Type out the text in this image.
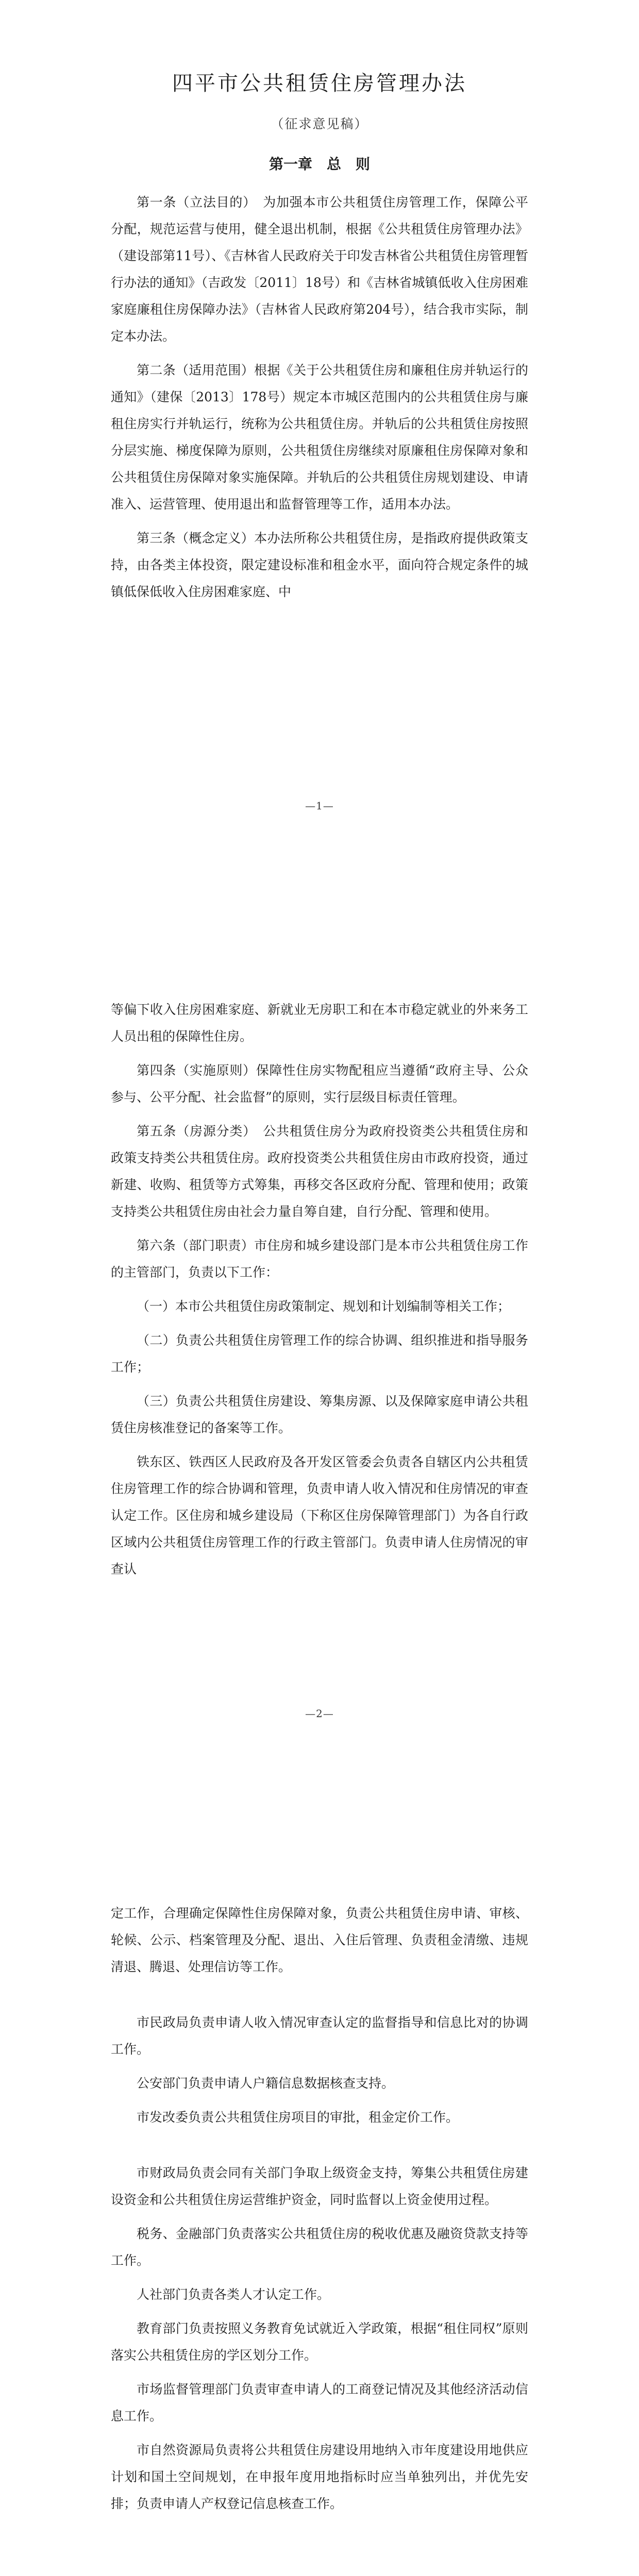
四平市公共租赁住房管理办法
（征求意见稿）
第一章　总　则

第一条（立法目的）　为加强本市公共租赁住房管理工作，保障公平分配，规范运营与使用，健全退出机制，根据《公共租赁住房管理办法》（建设部第11号）、《吉林省人民政府关于印发吉林省公共租赁住房管理暂行办法的通知》（吉政发〔2011〕18号）和《吉林省城镇低收入住房困难家庭廉租住房保障办法》（吉林省人民政府第204号），结合我市实际，制定本办法。

第二条（适用范围）根据《关于公共租赁住房和廉租住房并轨运行的通知》（建保〔2013〕178号）规定本市城区范围内的公共租赁住房与廉租住房实行并轨运行，统称为公共租赁住房。并轨后的公共租赁住房按照分层实施、梯度保障为原则，公共租赁住房继续对原廉租住房保障对象和公共租赁住房保障对象实施保障。并轨后的公共租赁住房规划建设、申请准入、运营管理、使用退出和监督管理等工作，适用本办法。

第三条（概念定义）本办法所称公共租赁住房，是指政府提供政策支持，由各类主体投资，限定建设标准和租金水平，面向符合规定条件的城镇低保低收入住房困难家庭、中

—1—

等偏下收入住房困难家庭、新就业无房职工和在本市稳定就业的外来务工人员出租的保障性住房。

第四条（实施原则）保障性住房实物配租应当遵循“政府主导、公众参与、公平分配、社会监督”的原则，实行层级目标责任管理。

第五条（房源分类）　公共租赁住房分为政府投资类公共租赁住房和政策支持类公共租赁住房。政府投资类公共租赁住房由市政府投资，通过新建、收购、租赁等方式筹集，再移交各区政府分配、管理和使用；政策支持类公共租赁住房由社会力量自筹自建，自行分配、管理和使用。

第六条（部门职责）市住房和城乡建设部门是本市公共租赁住房工作的主管部门，负责以下工作：

（一）本市公共租赁住房政策制定、规划和计划编制等相关工作；

（二）负责公共租赁住房管理工作的综合协调、组织推进和指导服务工作；

（三）负责公共租赁住房建设、筹集房源、以及保障家庭申请公共租赁住房核准登记的备案等工作。

铁东区、铁西区人民政府及各开发区管委会负责各自辖区内公共租赁住房管理工作的综合协调和管理，负责申请人收入情况和住房情况的审查认定工作。区住房和城乡建设局（下称区住房保障管理部门）为各自行政区域内公共租赁住房管理工作的行政主管部门。负责申请人住房情况的审查认

—2—

定工作，合理确定保障性住房保障对象，负责公共租赁住房申请、审核、轮候、公示、档案管理及分配、退出、入住后管理、负责租金清缴、违规清退、腾退、处理信访等工作。

市民政局负责申请人收入情况审查认定的监督指导和信息比对的协调工作。

公安部门负责申请人户籍信息数据核查支持。

市发改委负责公共租赁住房项目的审批，租金定价工作。

市财政局负责会同有关部门争取上级资金支持，筹集公共租赁住房建设资金和公共租赁住房运营维护资金，同时监督以上资金使用过程。

税务、金融部门负责落实公共租赁住房的税收优惠及融资贷款支持等工作。

人社部门负责各类人才认定工作。

教育部门负责按照义务教育免试就近入学政策，根据“租住同权”原则落实公共租赁住房的学区划分工作。

市场监督管理部门负责审查申请人的工商登记情况及其他经济活动信息工作。

市自然资源局负责将公共租赁住房建设用地纳入市年度建设用地供应计划和国土空间规划，在申报年度用地指标时应当单独列出，并优先安排；负责申请人产权登记信息核查工作。
